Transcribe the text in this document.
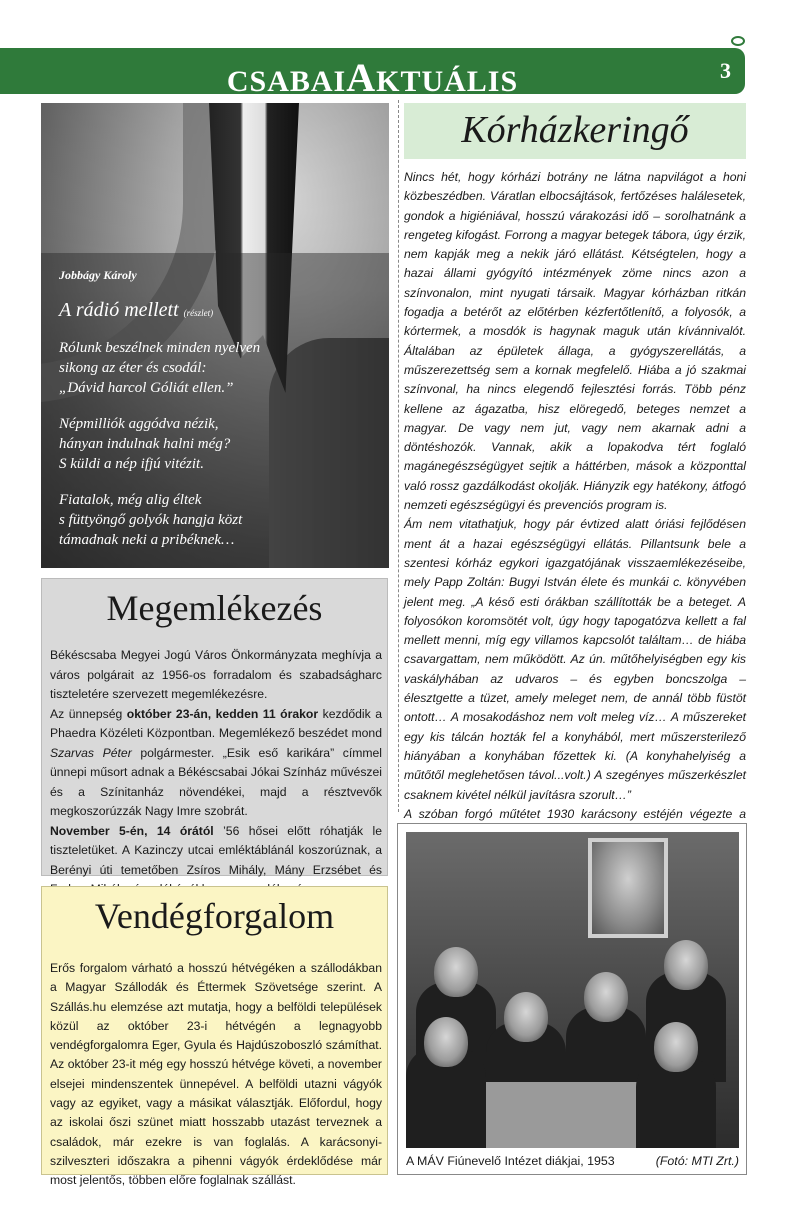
CSABAIAKTUÁLIS	3
Jobbágy Károly
A rádió mellett (részlet)
Rólunk beszélnek minden nyelven
sikong az éter és csodál:
„Dávid harcol Góliát ellen.”
Népmilliók aggódva nézik,
hányan indulnak halni még?
S küldi a nép ifjú vitézit.
Fiatalok, még alig éltek
s füttyöngő golyók hangja közt
támadnak neki a pribéknek…
Kórházkeringő

Nincs hét, hogy kórházi botrány ne látna napvilágot a honi közbeszédben. Váratlan elbocsájtások, fertőzéses halálesetek, gondok a higiéniával, hosszú várakozási idő – sorolhatnánk a rengeteg kifogást. Forrong a magyar betegek tábora, úgy érzik, nem kapják meg a nekik járó ellátást. Kétségtelen, hogy a hazai állami gyógyító intézmények zöme nincs azon a színvonalon, mint nyugati társaik. Magyar kórházban ritkán fogadja a betérőt az előtérben kézfertőtlenítő, a folyosók, a kórtermek, a mosdók is hagynak maguk után kívánnivalót. Általában az épületek állaga, a gyógyszerellátás, a műszerezettség sem a kornak megfelelő. Hiába a jó szakmai színvonal, ha nincs elegendő fejlesztési forrás. Több pénz kellene az ágazatba, hisz elöregedő, beteges nemzet a magyar. De vagy nem jut, vagy nem akarnak adni a döntéshozók. Vannak, akik a lopakodva tért foglaló magánegészségügyet sejtik a háttérben, mások a központtal való rossz gazdálkodást okolják. Hiányzik egy hatékony, átfogó nemzeti egészségügyi és prevenciós program is.

Ám nem vitathatjuk, hogy pár évtized alatt óriási fejlődésen ment át a hazai egészségügyi ellátás. Pillantsunk bele a szentesi kórház egykori igazgatójának visszaemlékezéseibe, mely Papp Zoltán: Bugyi István élete és munkái c. könyvében jelent meg. „A késő esti órákban szállították be a beteget. A folyosókon koromsötét volt, úgy hogy tapogatózva kellett a fal mellett menni, míg egy villamos kapcsolót találtam… de hiába csavargattam, nem működött. Az ún. műtőhelyiségben egy kis vaskályhában az udvaros – és egyben boncszolga – élesztgette a tüzet, amely meleget nem, de annál több füstöt ontott… A mosakodáshoz nem volt meleg víz… A műszereket egy kis tálcán hozták fel a konyhából, mert műszersterilező hiányában a konyhában főzettek ki. (A konyhahelyiség a műtőtől meglehetősen távol...volt.) A szegényes műszerkészlet csaknem kivétel nélkül javításra szorult…”

A szóban forgó műtétet 1930 karácsony estéjén végezte a

Megemlékezés

Békéscsaba Megyei Jogú Város Önkormányzata meghívja a város polgárait az 1956-os forradalom és szabadságharc tiszteletére szervezett megemlékezésre.

Az ünnepség október 23-án, kedden 11 órakor kezdődik a Phaedra Közéleti Központban. Megemlékező beszédet mond Szarvas Péter polgármester. „Esik eső karikára” címmel ünnepi műsort adnak a Békéscsabai Jókai Színház művészei és a Színitanház növendékei, majd a résztvevők megkoszorúzzák Nagy Imre szobrát.

November 5-én, 14 órától ’56 hősei előtt róhatják le tiszteletüket. A Kazinczy utcai emléktáblánál koszorúznak, a Berényi úti temetőben Zsíros Mihály, Mány Erzsébet és

Vendégforgalom

Erős forgalom várható a hosszú hétvégéken a szállodákban a Magyar Szállodák és Éttermek Szövetsége szerint. A Szállás.hu elemzése azt mutatja, hogy a belföldi települések közül az október 23-i hétvégén a legnagyobb vendégforgalomra Eger, Gyula és Hajdúszoboszló számíthat. Az október 23-it még egy hosszú hétvége követi, a november elsejei mindenszentek ünnepével. A belföldi utazni vágyók vagy az egyiket, vagy a másikat választják. Előfordul, hogy az iskolai őszi szünet miatt hosszabb utazást terveznek a családok, már ezekre is van foglalás. A karácsonyi-szilveszteri időszakra a pihenni vágyók érdeklődése már most jelentős, többen előre foglalnak szállást.

A MÁV Fiúnevelő Intézet diákjai, 1953	(Fotó: MTI Zrt.)
